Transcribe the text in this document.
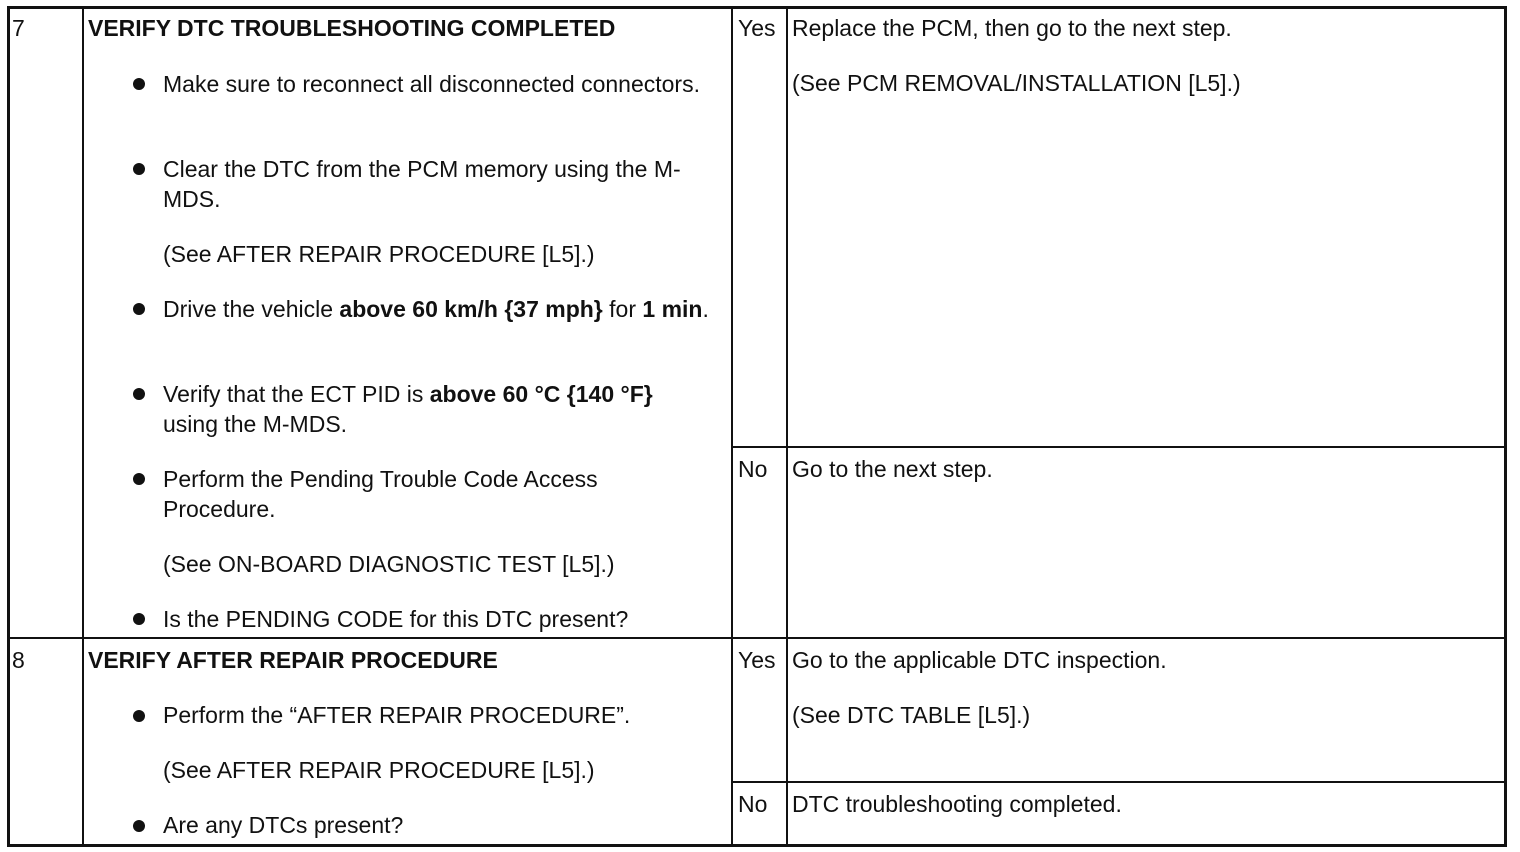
7	VERIFY DTC TROUBLESHOOTING COMPLETED
Make sure to reconnect all disconnected connectors.
Clear the DTC from the PCM memory using the M-MDS.
(See AFTER REPAIR PROCEDURE [L5].)
Drive the vehicle above 60 km/h {37 mph} for 1 min.
Verify that the ECT PID is above 60 °C {140 °F} using the M-MDS.
Perform the Pending Trouble Code Access Procedure.
(See ON-BOARD DIAGNOSTIC TEST [L5].)
Is the PENDING CODE for this DTC present?
Yes Replace the PCM, then go to the next step.
(See PCM REMOVAL/INSTALLATION [L5].)
No Go to the next step.
8	VERIFY AFTER REPAIR PROCEDURE
Perform the “AFTER REPAIR PROCEDURE”.
(See AFTER REPAIR PROCEDURE [L5].)
Are any DTCs present?
Yes Go to the applicable DTC inspection.
(See DTC TABLE [L5].)
No DTC troubleshooting completed.
